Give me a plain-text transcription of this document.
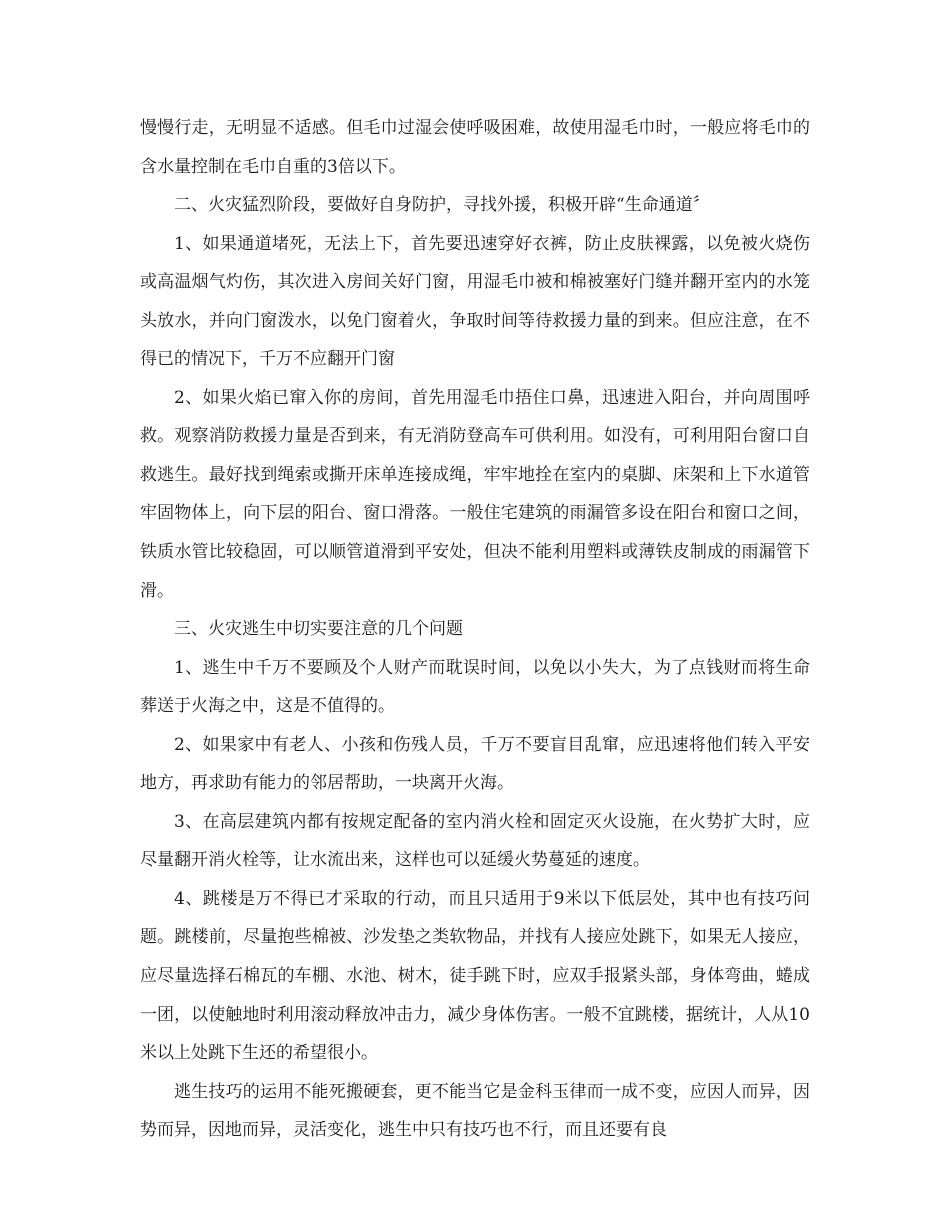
慢慢行走，无明显不适感。但毛巾过湿会使呼吸困难，故使用湿毛巾时，一般应将毛巾的含水量控制在毛巾自重的3倍以下。

二、火灾猛烈阶段，要做好自身防护，寻找外援，积极开辟“生命通道〞

1、如果通道堵死，无法上下，首先要迅速穿好衣裤，防止皮肤裸露，以免被火烧伤或高温烟气灼伤，其次进入房间关好门窗，用湿毛巾被和棉被塞好门缝并翻开室内的水笼头放水，并向门窗泼水，以免门窗着火，争取时间等待救援力量的到来。但应注意，在不得已的情况下，千万不应翻开门窗

2、如果火焰已窜入你的房间，首先用湿毛巾捂住口鼻，迅速进入阳台，并向周围呼救。观察消防救援力量是否到来，有无消防登高车可供利用。如没有，可利用阳台窗口自救逃生。最好找到绳索或撕开床单连接成绳，牢牢地拴在室内的桌脚、床架和上下水道管牢固物体上，向下层的阳台、窗口滑落。一般住宅建筑的雨漏管多设在阳台和窗口之间，铁质水管比较稳固，可以顺管道滑到平安处，但决不能利用塑料或薄铁皮制成的雨漏管下滑。

三、火灾逃生中切实要注意的几个问题

1、逃生中千万不要顾及个人财产而耽误时间，以免以小失大，为了点钱财而将生命葬送于火海之中，这是不值得的。

2、如果家中有老人、小孩和伤残人员，千万不要盲目乱窜，应迅速将他们转入平安地方，再求助有能力的邻居帮助，一块离开火海。

3、在高层建筑内都有按规定配备的室内消火栓和固定灭火设施，在火势扩大时，应尽量翻开消火栓等，让水流出来，这样也可以延缓火势蔓延的速度。

4、跳楼是万不得已才采取的行动，而且只适用于9米以下低层处，其中也有技巧问题。跳楼前，尽量抱些棉被、沙发垫之类软物品，并找有人接应处跳下，如果无人接应，应尽量选择石棉瓦的车棚、水池、树木，徒手跳下时，应双手报紧头部，身体弯曲，蜷成一团，以使触地时利用滚动释放冲击力，减少身体伤害。一般不宜跳楼，据统计，人从10米以上处跳下生还的希望很小。

逃生技巧的运用不能死搬硬套，更不能当它是金科玉律而一成不变，应因人而异，因势而异，因地而异，灵活变化，逃生中只有技巧也不行，而且还要有良
